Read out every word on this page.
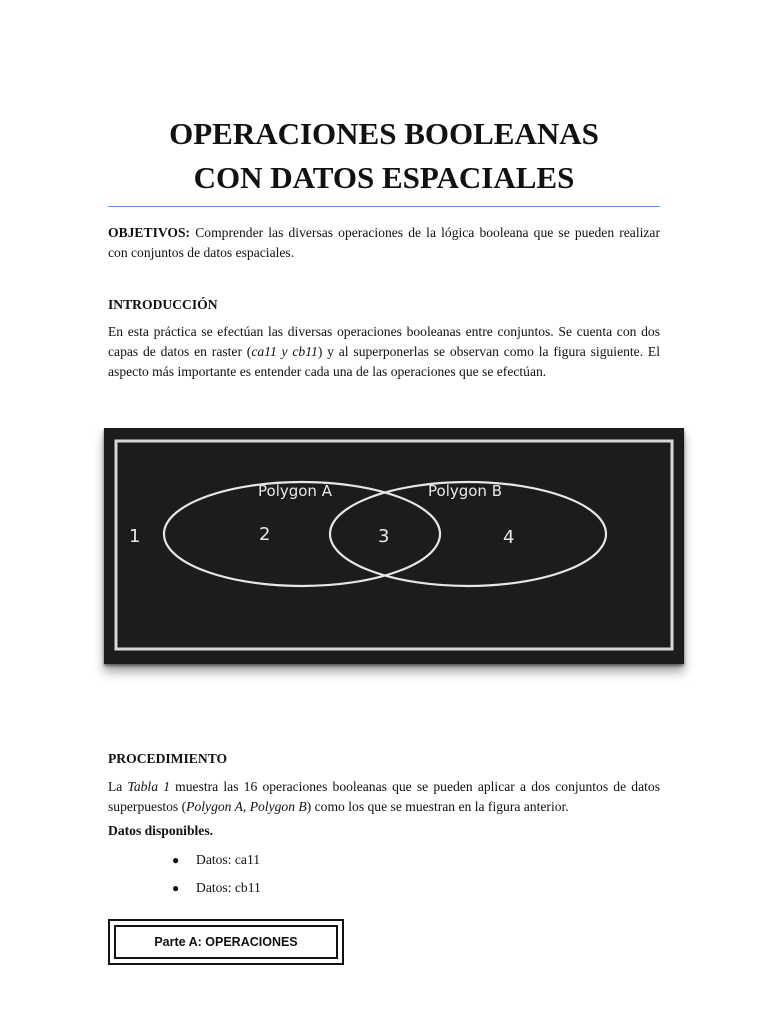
OPERACIONES BOOLEANAS
CON DATOS ESPACIALES
OBJETIVOS: Comprender las diversas operaciones de la lógica booleana que se pueden realizar con conjuntos de datos espaciales.
INTRODUCCIÓN
En esta práctica se efectúan las diversas operaciones booleanas entre conjuntos. Se cuenta con dos capas de datos en raster (ca11 y cb11) y al superponerlas se observan como la figura siguiente. El aspecto más importante es entender cada una de las operaciones que se efectúan.
Polygon A	Polygon B
1	2	3	4
PROCEDIMIENTO
La Tabla 1 muestra las 16 operaciones booleanas que se pueden aplicar a dos conjuntos de datos superpuestos (Polygon A, Polygon B) como los que se muestran en la figura anterior.
Datos disponibles.
●	Datos: ca11
●	Datos: cb11
Parte A: OPERACIONES
